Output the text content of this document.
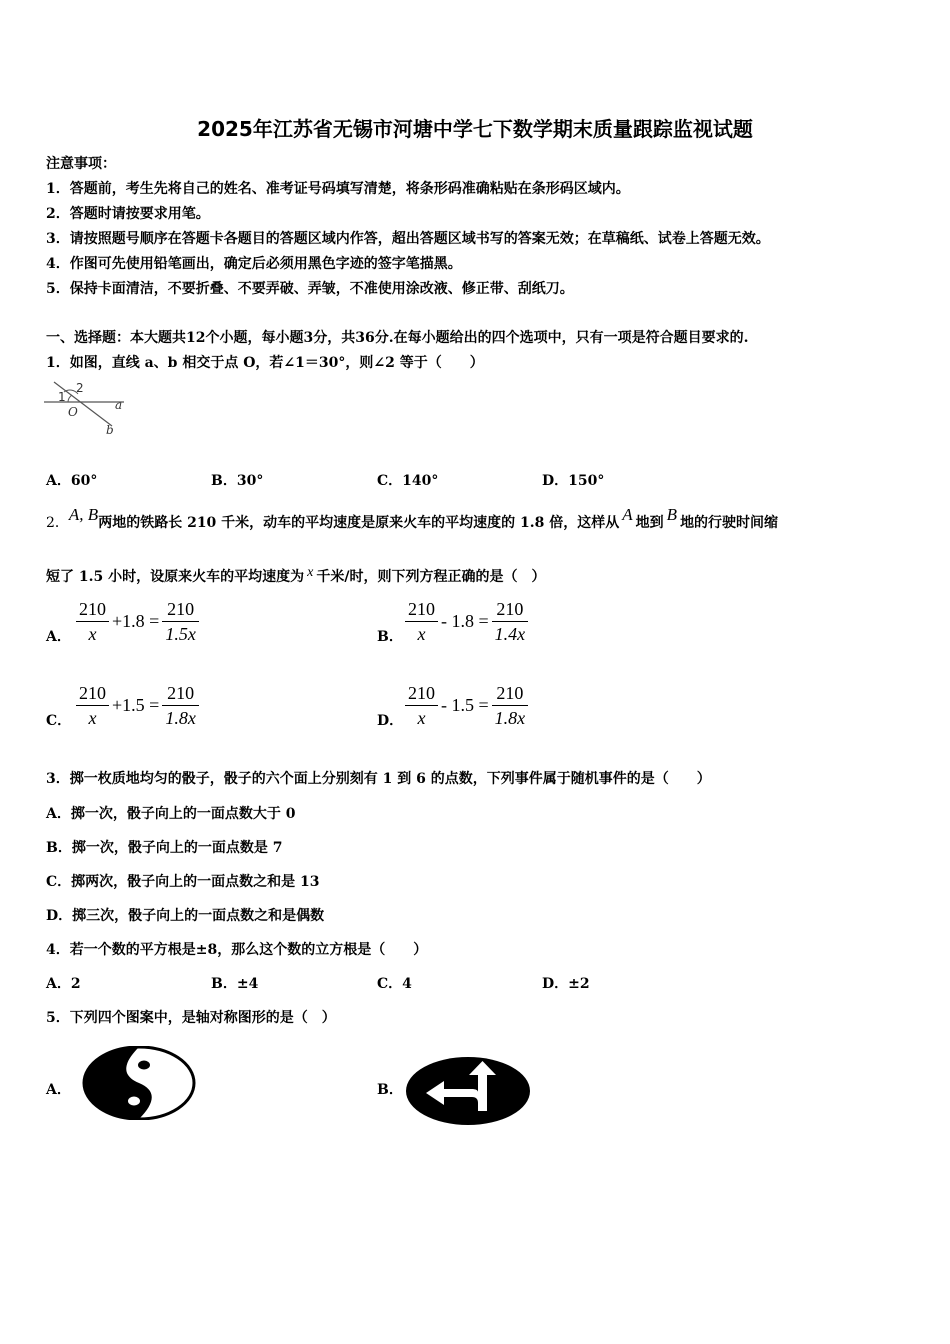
2025年江苏省无锡市河塘中学七下数学期末质量跟踪监视试题
注意事项：
1．答题前，考生先将自己的姓名、准考证号码填写清楚，将条形码准确粘贴在条形码区域内。
2．答题时请按要求用笔。
3．请按照题号顺序在答题卡各题目的答题区域内作答，超出答题区域书写的答案无效；在草稿纸、试卷上答题无效。
4．作图可先使用铅笔画出，确定后必须用黑色字迹的签字笔描黑。
5．保持卡面清洁，不要折叠、不要弄破、弄皱，不准使用涂改液、修正带、刮纸刀。
一、选择题：本大题共12个小题，每小题3分，共36分.在每小题给出的四个选项中，只有一项是符合题目要求的.
1．如图，直线 a、b 相交于点 O，若∠1＝30°，则∠2 等于（　　）
1
2
O	a
b
A．60°	B．30°	C．140°	D．150°
2．A, B两地的铁路长 210 千米，动车的平均速度是原来火车的平均速度的 1.8 倍，这样从 A 地到 B 地的行驶时间缩
短了 1.5 小时，设原来火车的平均速度为 x 千米/时，则下列方程正确的是（　）
A． $\frac{210}{x} +1.8 = \frac{210}{1.5x}$	B． $\frac{210}{x} - 1.8 = \frac{210}{1.4x}$
C． $\frac{210}{x} +1.5 = \frac{210}{1.8x}$	D． $\frac{210}{x} - 1.5 = \frac{210}{1.8x}$
3．掷一枚质地均匀的骰子，骰子的六个面上分别刻有 1 到 6 的点数，下列事件属于随机事件的是（　　）
A．掷一次，骰子向上的一面点数大于 0
B．掷一次，骰子向上的一面点数是 7
C．掷两次，骰子向上的一面点数之和是 13
D．掷三次，骰子向上的一面点数之和是偶数
4．若一个数的平方根是±8，那么这个数的立方根是（　　）
A．2	B．±4	C．4	D．±2
5．下列四个图案中，是轴对称图形的是（　）
A．	B．
